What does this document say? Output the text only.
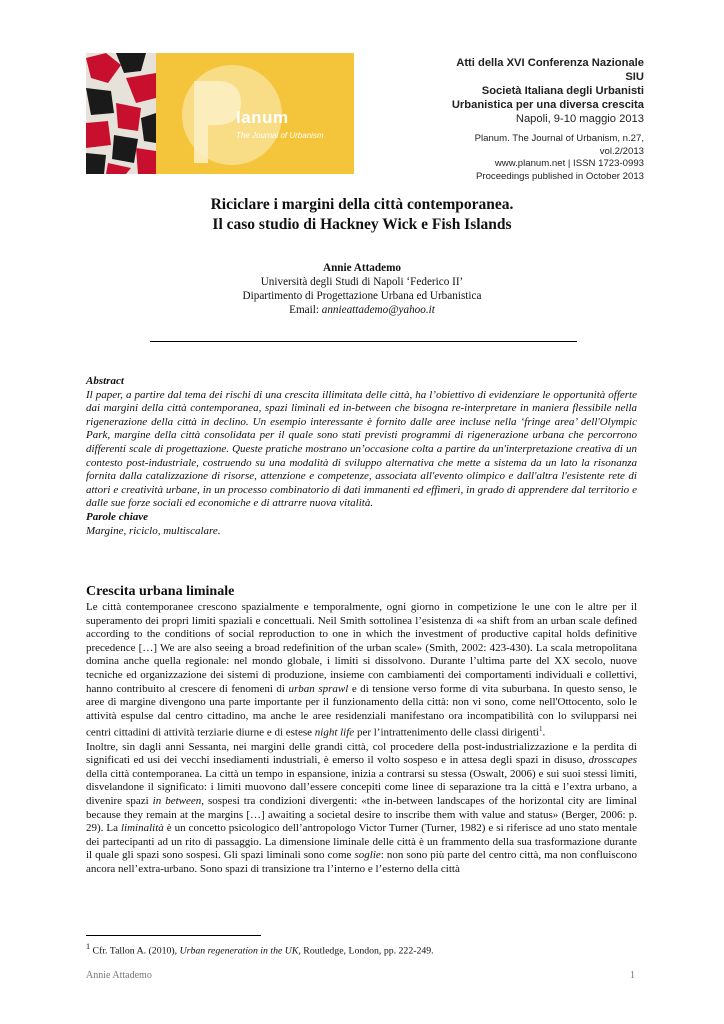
lanum
The Journal of Urbanism
Atti della XVI Conferenza Nazionale SIU
Società Italiana degli Urbanisti
Urbanistica per una diversa crescita
Napoli, 9-10 maggio 2013
Planum. The Journal of Urbanism, n.27, vol.2/2013
www.planum.net | ISSN 1723-0993
Proceedings published in October 2013
Riciclare i margini della città contemporanea.
Il caso studio di Hackney Wick e Fish Islands
Annie Attademo
Università degli Studi di Napoli ‘Federico II’
Dipartimento di Progettazione Urbana ed Urbanistica
Email: annieattademo@yahoo.it
Abstract
Il paper, a partire dal tema dei rischi di una crescita illimitata delle città, ha l’obiettivo di evidenziare le opportunità offerte dai margini della città contemporanea, spazi liminali ed in-between che bisogna re-interpretare in maniera flessibile nella rigenerazione della città in declino. Un esempio interessante è fornito dalle aree incluse nella ‘fringe area’ dell'Olympic Park, margine della città consolidata per il quale sono stati previsti programmi di rigenerazione urbana che percorrono differenti scale di progettazione. Queste pratiche mostrano un’occasione colta a partire da un'interpretazione creativa di un contesto post-industriale, costruendo su una modalità di sviluppo alternativa che mette a sistema da un lato la risonanza fornita dalla catalizzazione di risorse, attenzione e competenze, associata all'evento olimpico e dall'altra l'esistente rete di attori e creatività urbane, in un processo combinatorio di dati immanenti ed effimeri, in grado di apprendere dal territorio e dalle sue forze sociali ed economiche e di attrarre nuova vitalità.
Parole chiave
Margine, riciclo, multiscalare.
Crescita urbana liminale

Le città contemporanee crescono spazialmente e temporalmente, ogni giorno in competizione le une con le altre per il superamento dei propri limiti spaziali e concettuali. Neil Smith sottolinea l’esistenza di «a shift from an urban scale defined according to the conditions of social reproduction to one in which the investment of productive capital holds definitive precedence […] We are also seeing a broad redefinition of the urban scale» (Smith, 2002: 423-430). La scala metropolitana domina anche quella regionale: nel mondo globale, i limiti si dissolvono. Durante l’ultima parte del XX secolo, nuove tecniche ed organizzazione dei sistemi di produzione, insieme con cambiamenti dei comportamenti individuali e collettivi, hanno contribuito al crescere di fenomeni di urban sprawl e di tensione verso forme di vita suburbana. In questo senso, le aree di margine divengono una parte importante per il funzionamento della città: non vi sono, come nell'Ottocento, solo le attività espulse dal centro cittadino, ma anche le aree residenziali manifestano ora incompatibilità con lo svilupparsi nei centri cittadini di attività terziarie diurne e di estese night life per l’intrattenimento delle classi dirigenti$^1$.

Inoltre, sin dagli anni Sessanta, nei margini delle grandi città, col procedere della post-industrializzazione e la perdita di significati ed usi dei vecchi insediamenti industriali, è emerso il volto sospeso e in attesa degli spazi in disuso, drosscapes della città contemporanea. La città un tempo in espansione, inizia a contrarsi su stessa (Oswalt, 2006) e sui suoi stessi limiti, disvelandone il significato: i limiti muovono dall’essere concepiti come linee di separazione tra la città e l’extra urbano, a divenire spazi in between, sospesi tra condizioni divergenti: «the in-between landscapes of the horizontal city are liminal because they remain at the margins […] awaiting a societal desire to inscribe them with value and status» (Berger, 2006: p. 29). La liminalità è un concetto psicologico dell’antropologo Victor Turner (Turner, 1982) e si riferisce ad uno stato mentale dei partecipanti ad un rito di passaggio. La dimensione liminale delle città è un frammento della sua trasformazione durante il quale gli spazi sono sospesi. Gli spazi liminali sono come soglie: non sono più parte del centro città, ma non confluiscono ancora nell’extra-urbano. Sono spazi di transizione tra l’interno e l’esterno della città

$^1$ Cfr. Tallon A. (2010), Urban regeneration in the UK, Routledge, London, pp. 222-249.
Annie Attademo	1
